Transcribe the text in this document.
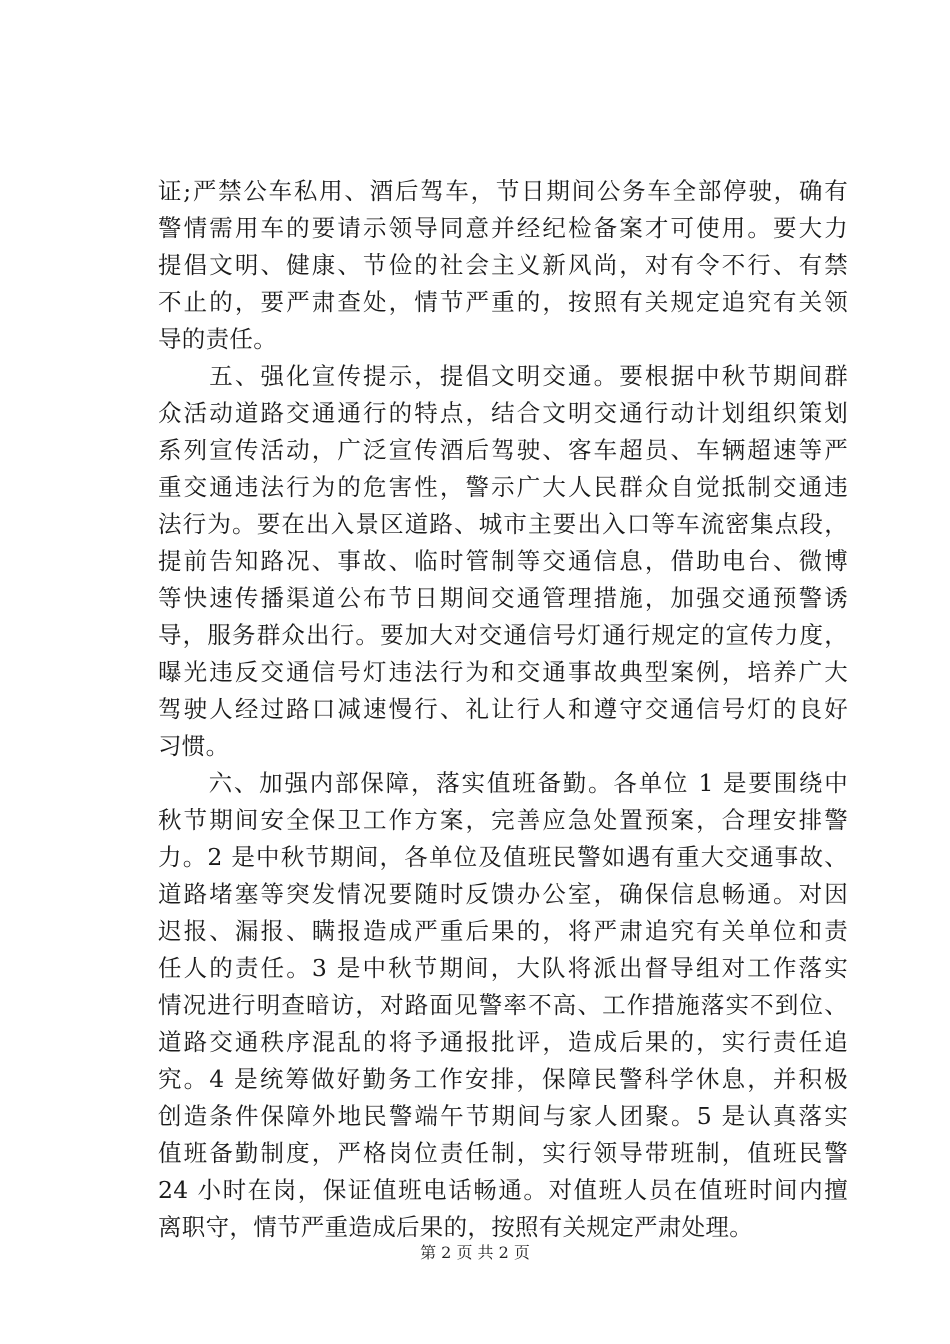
证;严禁公车私用、酒后驾车，节日期间公务车全部停驶，确有
警情需用车的要请示领导同意并经纪检备案才可使用。要大力
提倡文明、健康、节俭的社会主义新风尚，对有令不行、有禁
不止的，要严肃查处，情节严重的，按照有关规定追究有关领
导的责任。
　　五、强化宣传提示，提倡文明交通。要根据中秋节期间群
众活动道路交通通行的特点，结合文明交通行动计划组织策划
系列宣传活动，广泛宣传酒后驾驶、客车超员、车辆超速等严
重交通违法行为的危害性，警示广大人民群众自觉抵制交通违
法行为。要在出入景区道路、城市主要出入口等车流密集点段，
提前告知路况、事故、临时管制等交通信息，借助电台、微博
等快速传播渠道公布节日期间交通管理措施，加强交通预警诱
导，服务群众出行。要加大对交通信号灯通行规定的宣传力度，
曝光违反交通信号灯违法行为和交通事故典型案例，培养广大
驾驶人经过路口减速慢行、礼让行人和遵守交通信号灯的良好
习惯。
　　六、加强内部保障，落实值班备勤。各单位 1 是要围绕中
秋节期间安全保卫工作方案，完善应急处置预案，合理安排警
力。2 是中秋节期间，各单位及值班民警如遇有重大交通事故、
道路堵塞等突发情况要随时反馈办公室，确保信息畅通。对因
迟报、漏报、瞒报造成严重后果的，将严肃追究有关单位和责
任人的责任。3 是中秋节期间，大队将派出督导组对工作落实
情况进行明查暗访，对路面见警率不高、工作措施落实不到位、
道路交通秩序混乱的将予通报批评，造成后果的，实行责任追
究。4 是统筹做好勤务工作安排，保障民警科学休息，并积极
创造条件保障外地民警端午节期间与家人团聚。5 是认真落实
值班备勤制度，严格岗位责任制，实行领导带班制，值班民警
24 小时在岗，保证值班电话畅通。对值班人员在值班时间内擅
离职守，情节严重造成后果的，按照有关规定严肃处理。
第 2 页 共 2 页
